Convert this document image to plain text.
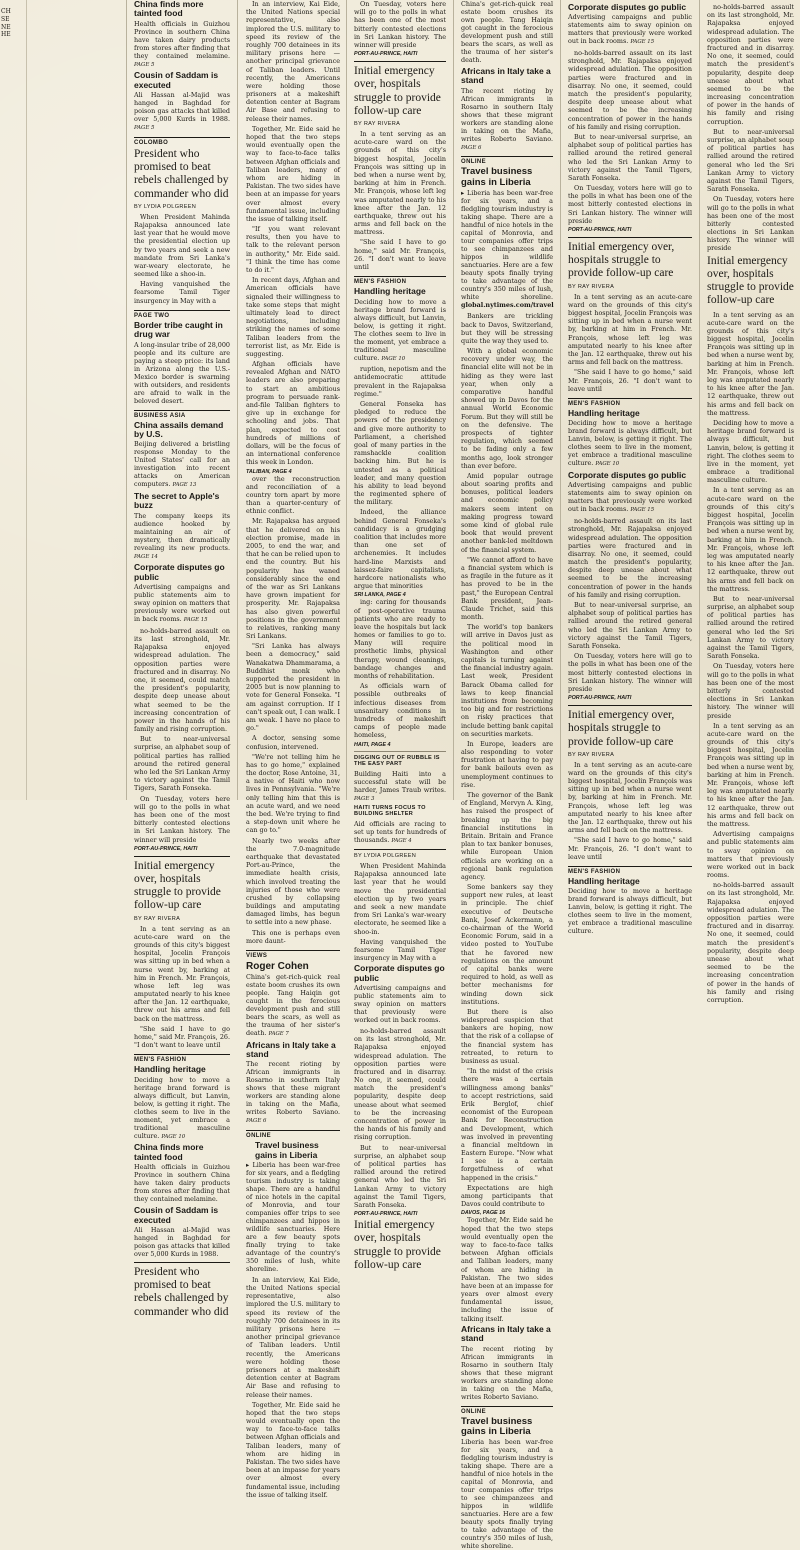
CH
SE
NE
HE
China finds more tainted food
Health officials in Guizhou Province in southern China have taken dairy products from stores after finding that they contained melamine. PAGE 5
Cousin of Saddam is executed
Ali Hassan al-Majid was hanged in Baghdad for poison gas attacks that killed over 5,000 Kurds in 1988. PAGE 5
COLOMBO
President who promised to beat rebels challenged by commander who did
BY LYDIA POLGREEN

When President Mahinda Rajapaksa announced late last year that he would move the presidential election up by two years and seek a new mandate from Sri Lanka's war-weary electorate, he seemed like a shoo-in.

Having vanquished the fearsome Tamil Tiger insurgency in May with a

PAGE TWO
Border tribe caught in drug war
A long-insular tribe of 28,000 people and its culture are paying a steep price: its land in Arizona along the U.S.-Mexico border is swarming with outsiders, and residents are afraid to walk in the beloved desert.
BUSINESS ASIA
China assails demand by U.S.
Beijing delivered a bristling response Monday to the United States' call for an investigation into recent attacks on American computers. PAGE 13
The secret to Apple's buzz
The company keeps its audience hooked by maintaining an air of mystery, then dramatically revealing its new products. PAGE 14
Corporate disputes go public
Advertising campaigns and public statements aim to sway opinion on matters that previously were worked out in back rooms. PAGE 15

no-holds-barred assault on its last stronghold, Mr. Rajapaksa enjoyed widespread adulation. The opposition parties were fractured and in disarray. No one, it seemed, could match the president's popularity, despite deep unease about what seemed to be the increasing concentration of power in the hands of his family and rising corruption.

But to near-universal surprise, an alphabet soup of political parties has rallied around the retired general who led the Sri Lankan Army to victory against the Tamil Tigers, Sarath Fonseka.

On Tuesday, voters here will go to the polls in what has been one of the most bitterly contested elections in Sri Lankan history. The winner will preside

PORT-AU-PRINCE, HAITI
Initial emergency over, hospitals struggle to provide follow-up care
BY RAY RIVERA

In a tent serving as an acute-care ward on the grounds of this city's biggest hospital, Jocelin François was sitting up in bed when a nurse went by, barking at him in French. Mr. François, whose left leg was amputated nearly to his knee after the Jan. 12 earthquake, threw out his arms and fell back on the mattress.

"She said I have to go home," said Mr. François, 26. "I don't want to leave until

MEN'S FASHION
Handling heritage
Deciding how to move a heritage brand forward is always difficult, but Lanvin, below, is getting it right. The clothes seem to live in the moment, yet embrace a traditional masculine culture. PAGE 10
China finds more tainted food
Health officials in Guizhou Province in southern China have taken dairy products from stores after finding that they contained melamine.
Cousin of Saddam is executed
Ali Hassan al-Majid was hanged in Baghdad for poison gas attacks that killed over 5,000 Kurds in 1988.
President who promised to beat rebels challenged by commander who did

In an interview, Kai Eide, the United Nations special representative, also implored the U.S. military to speed its review of the roughly 700 detainees in its military prisons here — another principal grievance of Taliban leaders. Until recently, the Americans were holding those prisoners at a makeshift detention center at Bagram Air Base and refusing to release their names.

Together, Mr. Eide said he hoped that the two steps would eventually open the way to face-to-face talks between Afghan officials and Taliban leaders, many of whom are hiding in Pakistan. The two sides have been at an impasse for years over almost every fundamental issue, including the issue of talking itself.

"If you want relevant results, then you have to talk to the relevant person in authority," Mr. Eide said. "I think the time has come to do it."

In recent days, Afghan and American officials have signaled their willingness to take some steps that might ultimately lead to direct negotiations, including striking the names of some Taliban leaders from the terrorist list, as Mr. Eide is suggesting.

Afghan officials have revealed Afghan and NATO leaders are also preparing to start an ambitious program to persuade rank-and-file Taliban fighters to give up in exchange for schooling and jobs. That plan, expected to cost hundreds of millions of dollars, will be the focus of an international conference this week in London.

TALIBAN, PAGE 4

over the reconstruction and reconciliation of a country torn apart by more than a quarter-century of ethnic conflict.

Mr. Rajapaksa has argued that he delivered on his election promise, made in 2005, to end the war, and that he can be relied upon to end the country. But his popularity has waned considerably since the end of the war as Sri Lankans have grown impatient for prosperity. Mr. Rajapaksa has also given powerful positions in the government to relatives, ranking many Sri Lankans.

"Sri Lanka has always been a democracy," said Wanakatwa Dhammarama, a Buddhist monk who supported the president in 2005 but is now planning to vote for General Fonseka. "I am against corruption. If I can't speak out, I can walk. I am weak. I have no place to go."

A doctor, sensing some confusion, intervened.

"We're not telling him he has to go home," explained the doctor, Rose Antoine, 31, a native of Haiti who now lives in Pennsylvania. "We're only telling him that this is an acute ward, and we need the bed. We're trying to find a step-down unit where he can go to."

Nearly two weeks after the 7.0-magnitude earthquake that devastated Port-au-Prince, the immediate health crisis, which involved treating the injuries of those who were crushed by collapsing buildings and amputating damaged limbs, has begun to settle into a new phase.

This one is perhaps even more daunt-

VIEWS
Roger Cohen
China's get-rich-quick real estate boom crushes its own people. Tang Haiqin got caught in the ferocious development push and still bears the scars, as well as the trauma of her sister's death. PAGE 7
Africans in Italy take a stand
The recent rioting by African immigrants in Rosarno in southern Italy shows that these migrant workers are standing alone in taking on the Mafia, writes Roberto Saviano. PAGE 6
ONLINE
Travel business gains in Liberia
▸ Liberia has been war-free for six years, and a fledgling tourism industry is taking shape. There are a handful of nice hotels in the capital of Monrovia, and tour companies offer trips to see chimpanzees and hippos in wildlife sanctuaries. Here are a few beauty spots finally trying to take advantage of the country's 350 miles of lush, white shoreline.

In an interview, Kai Eide, the United Nations special representative, also implored the U.S. military to speed its review of the roughly 700 detainees in its military prisons here — another principal grievance of Taliban leaders. Until recently, the Americans were holding those prisoners at a makeshift detention center at Bagram Air Base and refusing to release their names.

Together, Mr. Eide said he hoped that the two steps would eventually open the way to face-to-face talks between Afghan officials and Taliban leaders, many of whom are hiding in Pakistan. The two sides have been at an impasse for years over almost every fundamental issue, including the issue of talking itself.

On Tuesday, voters here will go to the polls in what has been one of the most bitterly contested elections in Sri Lankan history. The winner will preside

PORT-AU-PRINCE, HAITI
Initial emergency over, hospitals struggle to provide follow-up care
BY RAY RIVERA

In a tent serving as an acute-care ward on the grounds of this city's biggest hospital, Jocelin François was sitting up in bed when a nurse went by, barking at him in French. Mr. François, whose left leg was amputated nearly to his knee after the Jan. 12 earthquake, threw out his arms and fell back on the mattress.

"She said I have to go home," said Mr. François, 26. "I don't want to leave until

MEN'S FASHION
Handling heritage
Deciding how to move a heritage brand forward is always difficult, but Lanvin, below, is getting it right. The clothes seem to live in the moment, yet embrace a traditional masculine culture. PAGE 10

ruption, nepotism and the antidemocratic attitude prevalent in the Rajapaksa regime."

General Fonseka has pledged to reduce the powers of the presidency and give more authority to Parliament, a cherished goal of many parties in the ramshackle coalition backing him. But he is untested as a political leader, and many question his ability to lead beyond the regimented sphere of the military.

Indeed, the alliance behind General Fonseka's candidacy is a grudging coalition that includes more than one set of archenemies. It includes hard-line Marxists and laissez-faire capitalists, hardcore nationalists who argue that minorities

SRI LANKA, PAGE 4

ing: caring for thousands of post-operative trauma patients who are ready to leave the hospitals but lack homes or families to go to. Many will require prosthetic limbs, physical therapy, wound cleanings, bandage changes and months of rehabilitation.

As officials warn of possible outbreaks of infectious diseases from unsanitary conditions in hundreds of makeshift camps of people made homeless,

HAITI, PAGE 4
DIGGING OUT OF RUBBLE IS THE EASY PART
Building Haiti into a successful state will be harder, James Traub writes. PAGE 3
HAITI TURNS FOCUS TO BUILDING SHELTER
Aid officials are racing to set up tents for hundreds of thousands. PAGE 4
BY LYDIA POLGREEN

When President Mahinda Rajapaksa announced late last year that he would move the presidential election up by two years and seek a new mandate from Sri Lanka's war-weary electorate, he seemed like a shoo-in.

Having vanquished the fearsome Tamil Tiger insurgency in May with a

Corporate disputes go public
Advertising campaigns and public statements aim to sway opinion on matters that previously were worked out in back rooms.

no-holds-barred assault on its last stronghold, Mr. Rajapaksa enjoyed widespread adulation. The opposition parties were fractured and in disarray. No one, it seemed, could match the president's popularity, despite deep unease about what seemed to be the increasing concentration of power in the hands of his family and rising corruption.

But to near-universal surprise, an alphabet soup of political parties has rallied around the retired general who led the Sri Lankan Army to victory against the Tamil Tigers, Sarath Fonseka.

PORT-AU-PRINCE, HAITI
Initial emergency over, hospitals struggle to provide follow-up care
China's get-rich-quick real estate boom crushes its own people. Tang Haiqin got caught in the ferocious development push and still bears the scars, as well as the trauma of her sister's death.
Africans in Italy take a stand
The recent rioting by African immigrants in Rosarno in southern Italy shows that these migrant workers are standing alone in taking on the Mafia, writes Roberto Saviano. PAGE 6
ONLINE
Travel business gains in Liberia
▸ Liberia has been war-free for six years, and a fledgling tourism industry is taking shape. There are a handful of nice hotels in the capital of Monrovia, and tour companies offer trips to see chimpanzees and hippos in wildlife sanctuaries. Here are a few beauty spots finally trying to take advantage of the country's 350 miles of lush, white shoreline. global.nytimes.com/travel

Bankers are trickling back to Davos, Switzerland, but they will be stressing quite the way they used to.

With a global economic recovery under way, the financial elite will not be in hiding as they were last year, when only a comparative handful showed up in Davos for the annual World Economic Forum. But they will still be on the defensive. The prospects of tighter regulation, which seemed to be fading only a few months ago, look stronger than ever before.

Amid popular outrage about soaring profits and bonuses, political leaders and economic policy makers seem intent on making progress toward some kind of global rule book that would prevent another bank-led meltdown of the financial system.

"We cannot afford to have a financial system which is as fragile in the future as it has proved to be in the past," the European Central Bank president, Jean-Claude Trichet, said this month.

The world's top bankers will arrive in Davos just as the political mood in Washington and other capitals is turning against the financial industry again. Last week, President Barack Obama called for laws to keep financial institutions from becoming too big and for restrictions on risky practices that include betting bank capital on securities markets.

In Europe, leaders are also responding to voter frustration at having to pay for bank bailouts even as unemployment continues to rise.

The governor of the Bank of England, Mervyn A. King, has raised the prospect of breaking up the big financial institutions in Britain. Britain and France plan to tax banker bonuses, while European Union officials are working on a regional bank regulation agency.

Some bankers say they support new rules, at least in principle. The chief executive of Deutsche Bank, Josef Ackermann, a co-chairman of the World Economic Forum, said in a video posted to YouTube that he favored new regulations on the amount of capital banks were required to hold, as well as better mechanisms for winding down sick institutions.

But there is also widespread suspicion that bankers are hoping, now that the risk of a collapse of the financial system has retreated, to return to business as usual.

"In the midst of the crisis there was a certain willingness among banks" to accept restrictions, said Erik Berglof, chief economist of the European Bank for Reconstruction and Development, which was involved in preventing a financial meltdown in Eastern Europe. "Now what I see is a certain forgetfulness of what happened in the crisis."

Expectations are high among participants that Davos could contribute to

DAVOS, PAGE 16

Together, Mr. Eide said he hoped that the two steps would eventually open the way to face-to-face talks between Afghan officials and Taliban leaders, many of whom are hiding in Pakistan. The two sides have been at an impasse for years over almost every fundamental issue, including the issue of talking itself.

Africans in Italy take a stand
The recent rioting by African immigrants in Rosarno in southern Italy shows that these migrant workers are standing alone in taking on the Mafia, writes Roberto Saviano.
ONLINE
Travel business gains in Liberia
Liberia has been war-free for six years, and a fledgling tourism industry is taking shape. There are a handful of nice hotels in the capital of Monrovia, and tour companies offer trips to see chimpanzees and hippos in wildlife sanctuaries. Here are a few beauty spots finally trying to take advantage of the country's 350 miles of lush, white shoreline.
Corporate disputes go public
Advertising campaigns and public statements aim to sway opinion on matters that previously were worked out in back rooms. PAGE 15

no-holds-barred assault on its last stronghold, Mr. Rajapaksa enjoyed widespread adulation. The opposition parties were fractured and in disarray. No one, it seemed, could match the president's popularity, despite deep unease about what seemed to be the increasing concentration of power in the hands of his family and rising corruption.

But to near-universal surprise, an alphabet soup of political parties has rallied around the retired general who led the Sri Lankan Army to victory against the Tamil Tigers, Sarath Fonseka.

On Tuesday, voters here will go to the polls in what has been one of the most bitterly contested elections in Sri Lankan history. The winner will preside

PORT-AU-PRINCE, HAITI
Initial emergency over, hospitals struggle to provide follow-up care
BY RAY RIVERA

In a tent serving as an acute-care ward on the grounds of this city's biggest hospital, Jocelin François was sitting up in bed when a nurse went by, barking at him in French. Mr. François, whose left leg was amputated nearly to his knee after the Jan. 12 earthquake, threw out his arms and fell back on the mattress.

"She said I have to go home," said Mr. François, 26. "I don't want to leave until

MEN'S FASHION
Handling heritage
Deciding how to move a heritage brand forward is always difficult, but Lanvin, below, is getting it right. The clothes seem to live in the moment, yet embrace a traditional masculine culture. PAGE 10
Corporate disputes go public
Advertising campaigns and public statements aim to sway opinion on matters that previously were worked out in back rooms. PAGE 15

no-holds-barred assault on its last stronghold, Mr. Rajapaksa enjoyed widespread adulation. The opposition parties were fractured and in disarray. No one, it seemed, could match the president's popularity, despite deep unease about what seemed to be the increasing concentration of power in the hands of his family and rising corruption.

But to near-universal surprise, an alphabet soup of political parties has rallied around the retired general who led the Sri Lankan Army to victory against the Tamil Tigers, Sarath Fonseka.

On Tuesday, voters here will go to the polls in what has been one of the most bitterly contested elections in Sri Lankan history. The winner will preside

PORT-AU-PRINCE, HAITI
Initial emergency over, hospitals struggle to provide follow-up care
BY RAY RIVERA

In a tent serving as an acute-care ward on the grounds of this city's biggest hospital, Jocelin François was sitting up in bed when a nurse went by, barking at him in French. Mr. François, whose left leg was amputated nearly to his knee after the Jan. 12 earthquake, threw out his arms and fell back on the mattress.

"She said I have to go home," said Mr. François, 26. "I don't want to leave until

MEN'S FASHION
Handling heritage
Deciding how to move a heritage brand forward is always difficult, but Lanvin, below, is getting it right. The clothes seem to live in the moment, yet embrace a traditional masculine culture.

no-holds-barred assault on its last stronghold, Mr. Rajapaksa enjoyed widespread adulation. The opposition parties were fractured and in disarray. No one, it seemed, could match the president's popularity, despite deep unease about what seemed to be the increasing concentration of power in the hands of his family and rising corruption.

But to near-universal surprise, an alphabet soup of political parties has rallied around the retired general who led the Sri Lankan Army to victory against the Tamil Tigers, Sarath Fonseka.

On Tuesday, voters here will go to the polls in what has been one of the most bitterly contested elections in Sri Lankan history. The winner will preside

Initial emergency over, hospitals struggle to provide follow-up care

In a tent serving as an acute-care ward on the grounds of this city's biggest hospital, Jocelin François was sitting up in bed when a nurse went by, barking at him in French. Mr. François, whose left leg was amputated nearly to his knee after the Jan. 12 earthquake, threw out his arms and fell back on the mattress.

Deciding how to move a heritage brand forward is always difficult, but Lanvin, below, is getting it right. The clothes seem to live in the moment, yet embrace a traditional masculine culture.

In a tent serving as an acute-care ward on the grounds of this city's biggest hospital, Jocelin François was sitting up in bed when a nurse went by, barking at him in French. Mr. François, whose left leg was amputated nearly to his knee after the Jan. 12 earthquake, threw out his arms and fell back on the mattress.

But to near-universal surprise, an alphabet soup of political parties has rallied around the retired general who led the Sri Lankan Army to victory against the Tamil Tigers, Sarath Fonseka.

On Tuesday, voters here will go to the polls in what has been one of the most bitterly contested elections in Sri Lankan history. The winner will preside

In a tent serving as an acute-care ward on the grounds of this city's biggest hospital, Jocelin François was sitting up in bed when a nurse went by, barking at him in French. Mr. François, whose left leg was amputated nearly to his knee after the Jan. 12 earthquake, threw out his arms and fell back on the mattress.

Advertising campaigns and public statements aim to sway opinion on matters that previously were worked out in back rooms.

no-holds-barred assault on its last stronghold, Mr. Rajapaksa enjoyed widespread adulation. The opposition parties were fractured and in disarray. No one, it seemed, could match the president's popularity, despite deep unease about what seemed to be the increasing concentration of power in the hands of his family and rising corruption.
